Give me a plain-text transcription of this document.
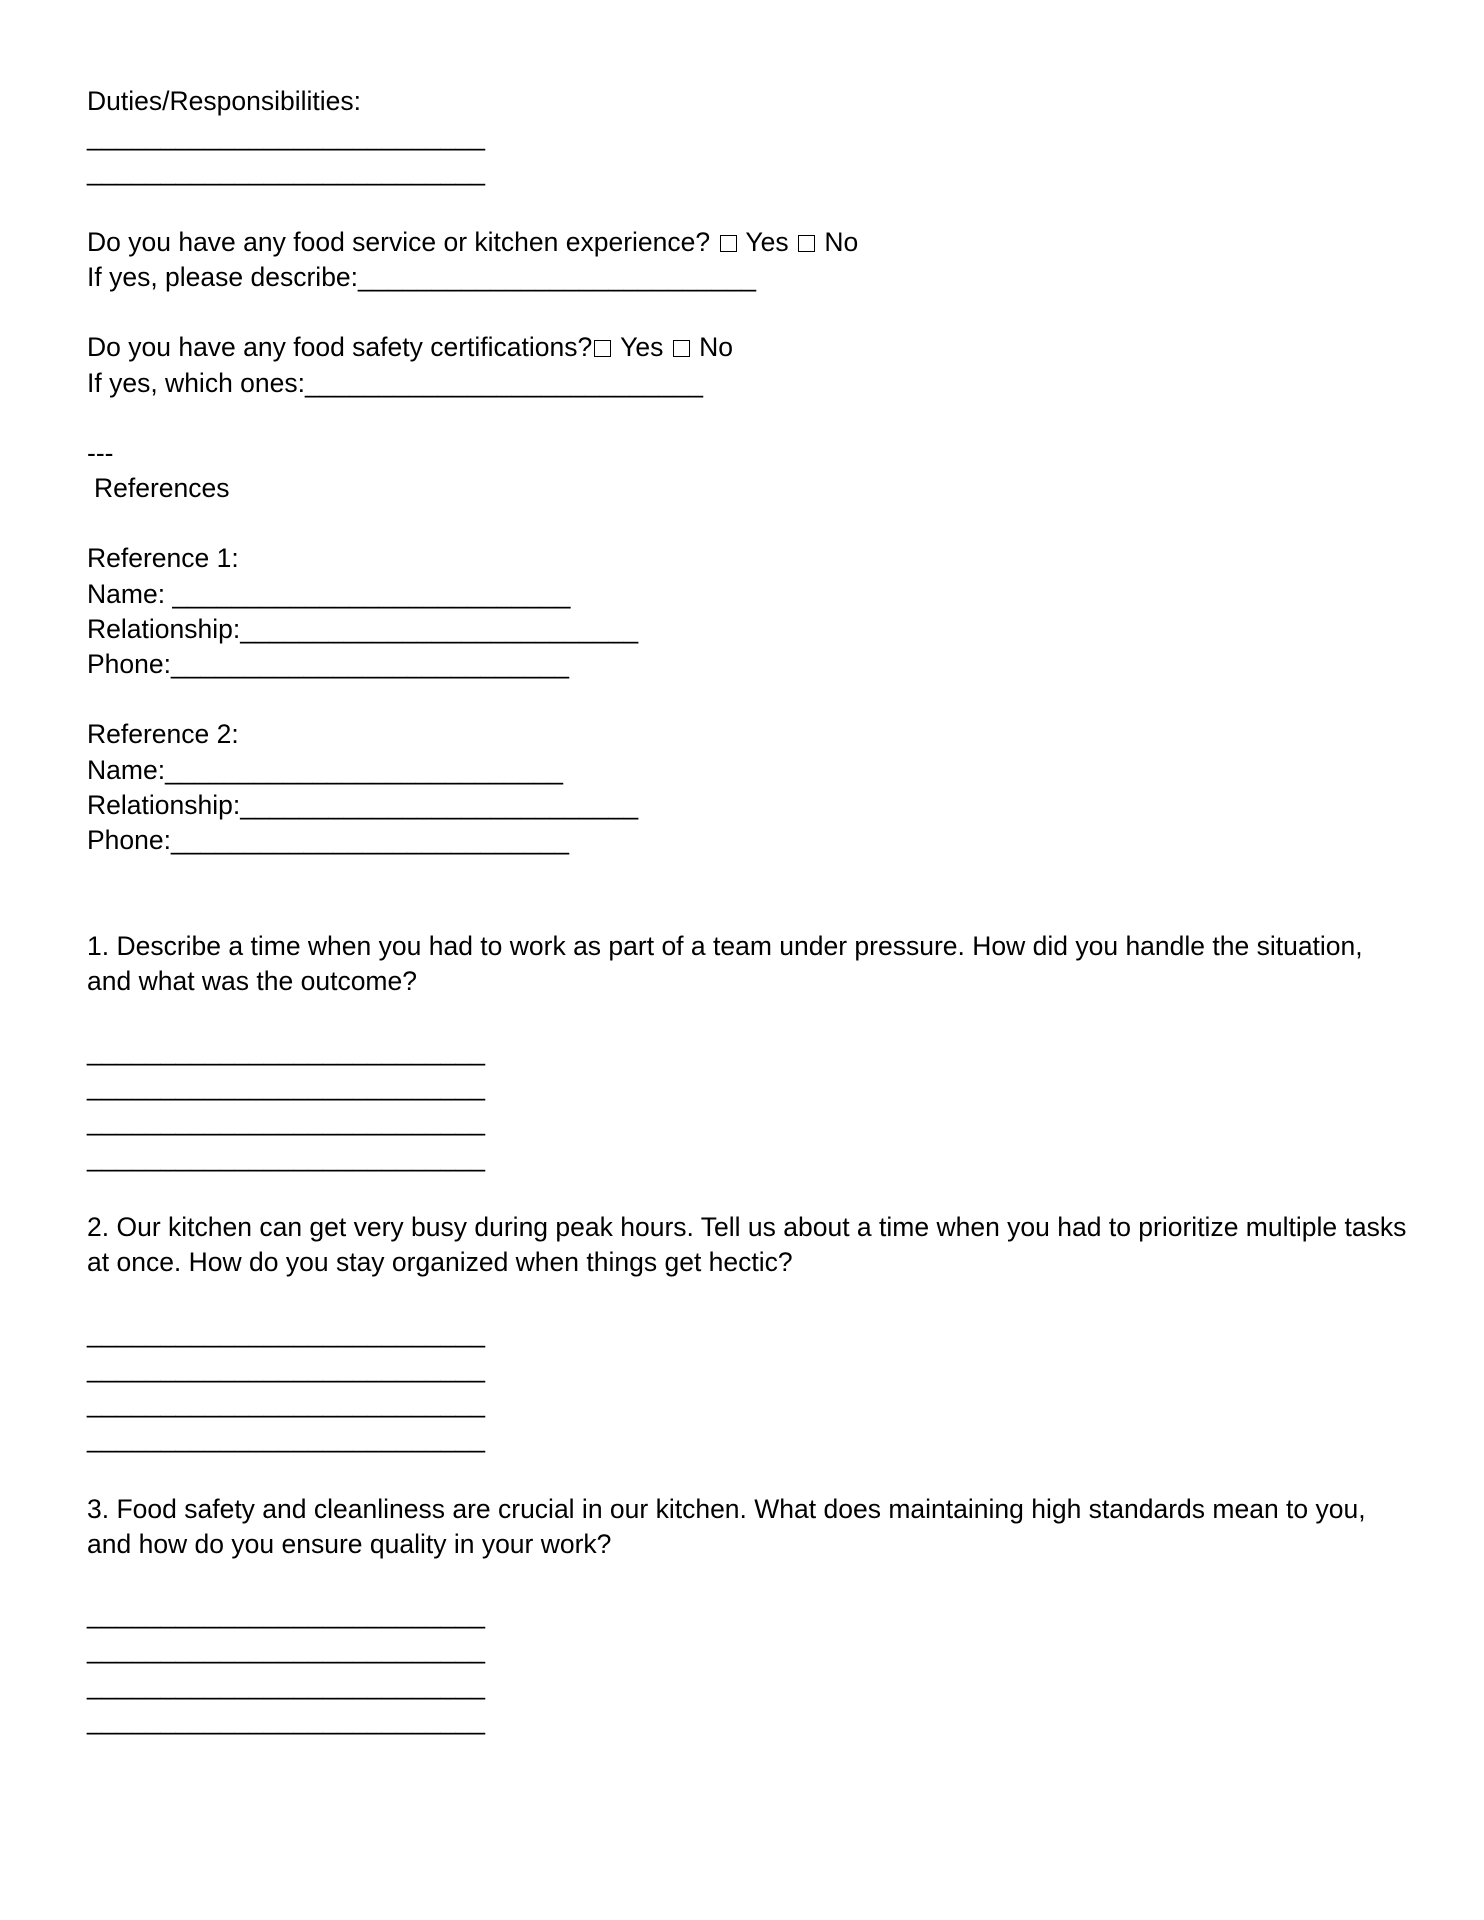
Duties/Responsibilities:
___________________________
___________________________
Do you have any food service or kitchen experience? Yes No
If yes, please describe:___________________________
Do you have any food safety certifications? Yes No
If yes, which ones:___________________________
---
References
Reference 1:
Name: ___________________________
Relationship:___________________________
Phone:___________________________
Reference 2:
Name:___________________________
Relationship:___________________________
Phone:___________________________
1. Describe a time when you had to work as part of a team under pressure. How did you handle the situation, and what was the outcome?
___________________________
___________________________
___________________________
___________________________
2. Our kitchen can get very busy during peak hours. Tell us about a time when you had to prioritize multiple tasks at once. How do you stay organized when things get hectic?
___________________________
___________________________
___________________________
___________________________
3. Food safety and cleanliness are crucial in our kitchen. What does maintaining high standards mean to you, and how do you ensure quality in your work?
___________________________
___________________________
___________________________
___________________________
